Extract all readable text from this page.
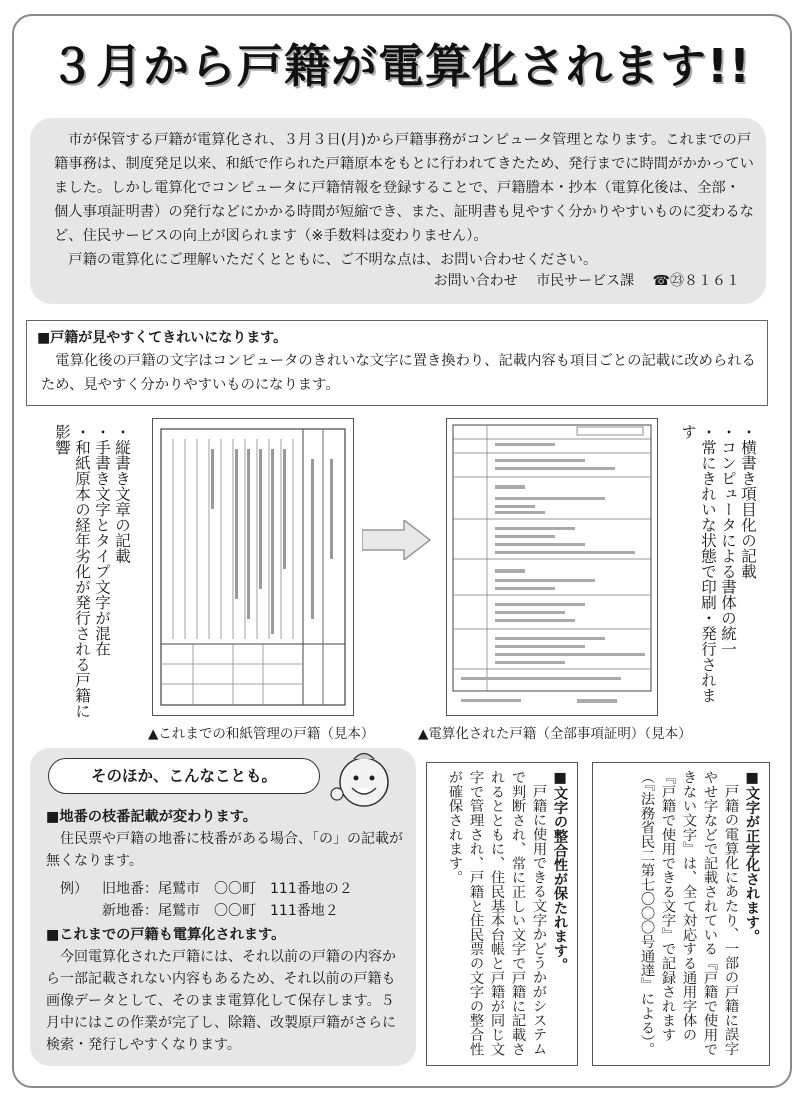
３月から戸籍が電算化されます!!

市が保管する戸籍が電算化され、３月３日(月)から戸籍事務がコンピュータ管理となります。これまでの戸籍事務は、制度発足以来、和紙で作られた戸籍原本をもとに行われてきたため、発行までに時間がかかっていました。しかし電算化でコンピュータに戸籍情報を登録することで、戸籍謄本・抄本（電算化後は、全部・個人事項証明書）の発行などにかかる時間が短縮でき、また、証明書も見やすく分かりやすいものに変わるなど、住民サービスの向上が図られます（※手数料は変わりません）。

戸籍の電算化にご理解いただくとともに、ご不明な点は、お問い合わせください。

お問い合わせ 市民サービス課 ☎㉓８１６１
■戸籍が見やすくてきれいになります。

電算化後の戸籍の文字はコンピュータのきれいな文字に置き換わり、記載内容も項目ごとの記載に改められるため、見やすく分かりやすいものになります。

・縦書き文章の記載
・手書き文字とタイプ文字が混在
・和紙原本の経年劣化が発行される戸籍に影響	・横書き項目化の記載
・コンピュータによる書体の統一
・常にきれいな状態で印刷・発行されます
▲これまでの和紙管理の戸籍（見本）	▲電算化された戸籍（全部事項証明）（見本）
そのほか、こんなことも。
■地番の枝番記載が変わります。

住民票や戸籍の地番に枝番がある場合、「の」の記載が無くなります。

例） 旧地番：尾鷲市　〇〇町　111番地の２
新地番：尾鷲市　〇〇町　111番地２
■これまでの戸籍も電算化されます。

今回電算化された戸籍には、それ以前の戸籍の内容から一部記載されない内容もあるため、それ以前の戸籍も画像データとして、そのまま電算化して保存します。５月中にはこの作業が完了し、除籍、改製原戸籍がさらに検索・発行しやすくなります。

■文字の整合性が保たれます。

戸籍に使用できる文字かどうかがシステムで判断され、常に正しい文字で戸籍に記載されるとともに、住民基本台帳と戸籍が同じ文字で管理され、戸籍と住民票の文字の整合性が確保されます。	■文字が正字化されます。

戸籍の電算化にあたり、一部の戸籍に誤字やせ字などで記載されている『戸籍で使用できない文字』は、全て対応する通用字体の『戸籍で使用できる文字』で記録されます（『法務省民二第七〇〇〇号通達』による）。
